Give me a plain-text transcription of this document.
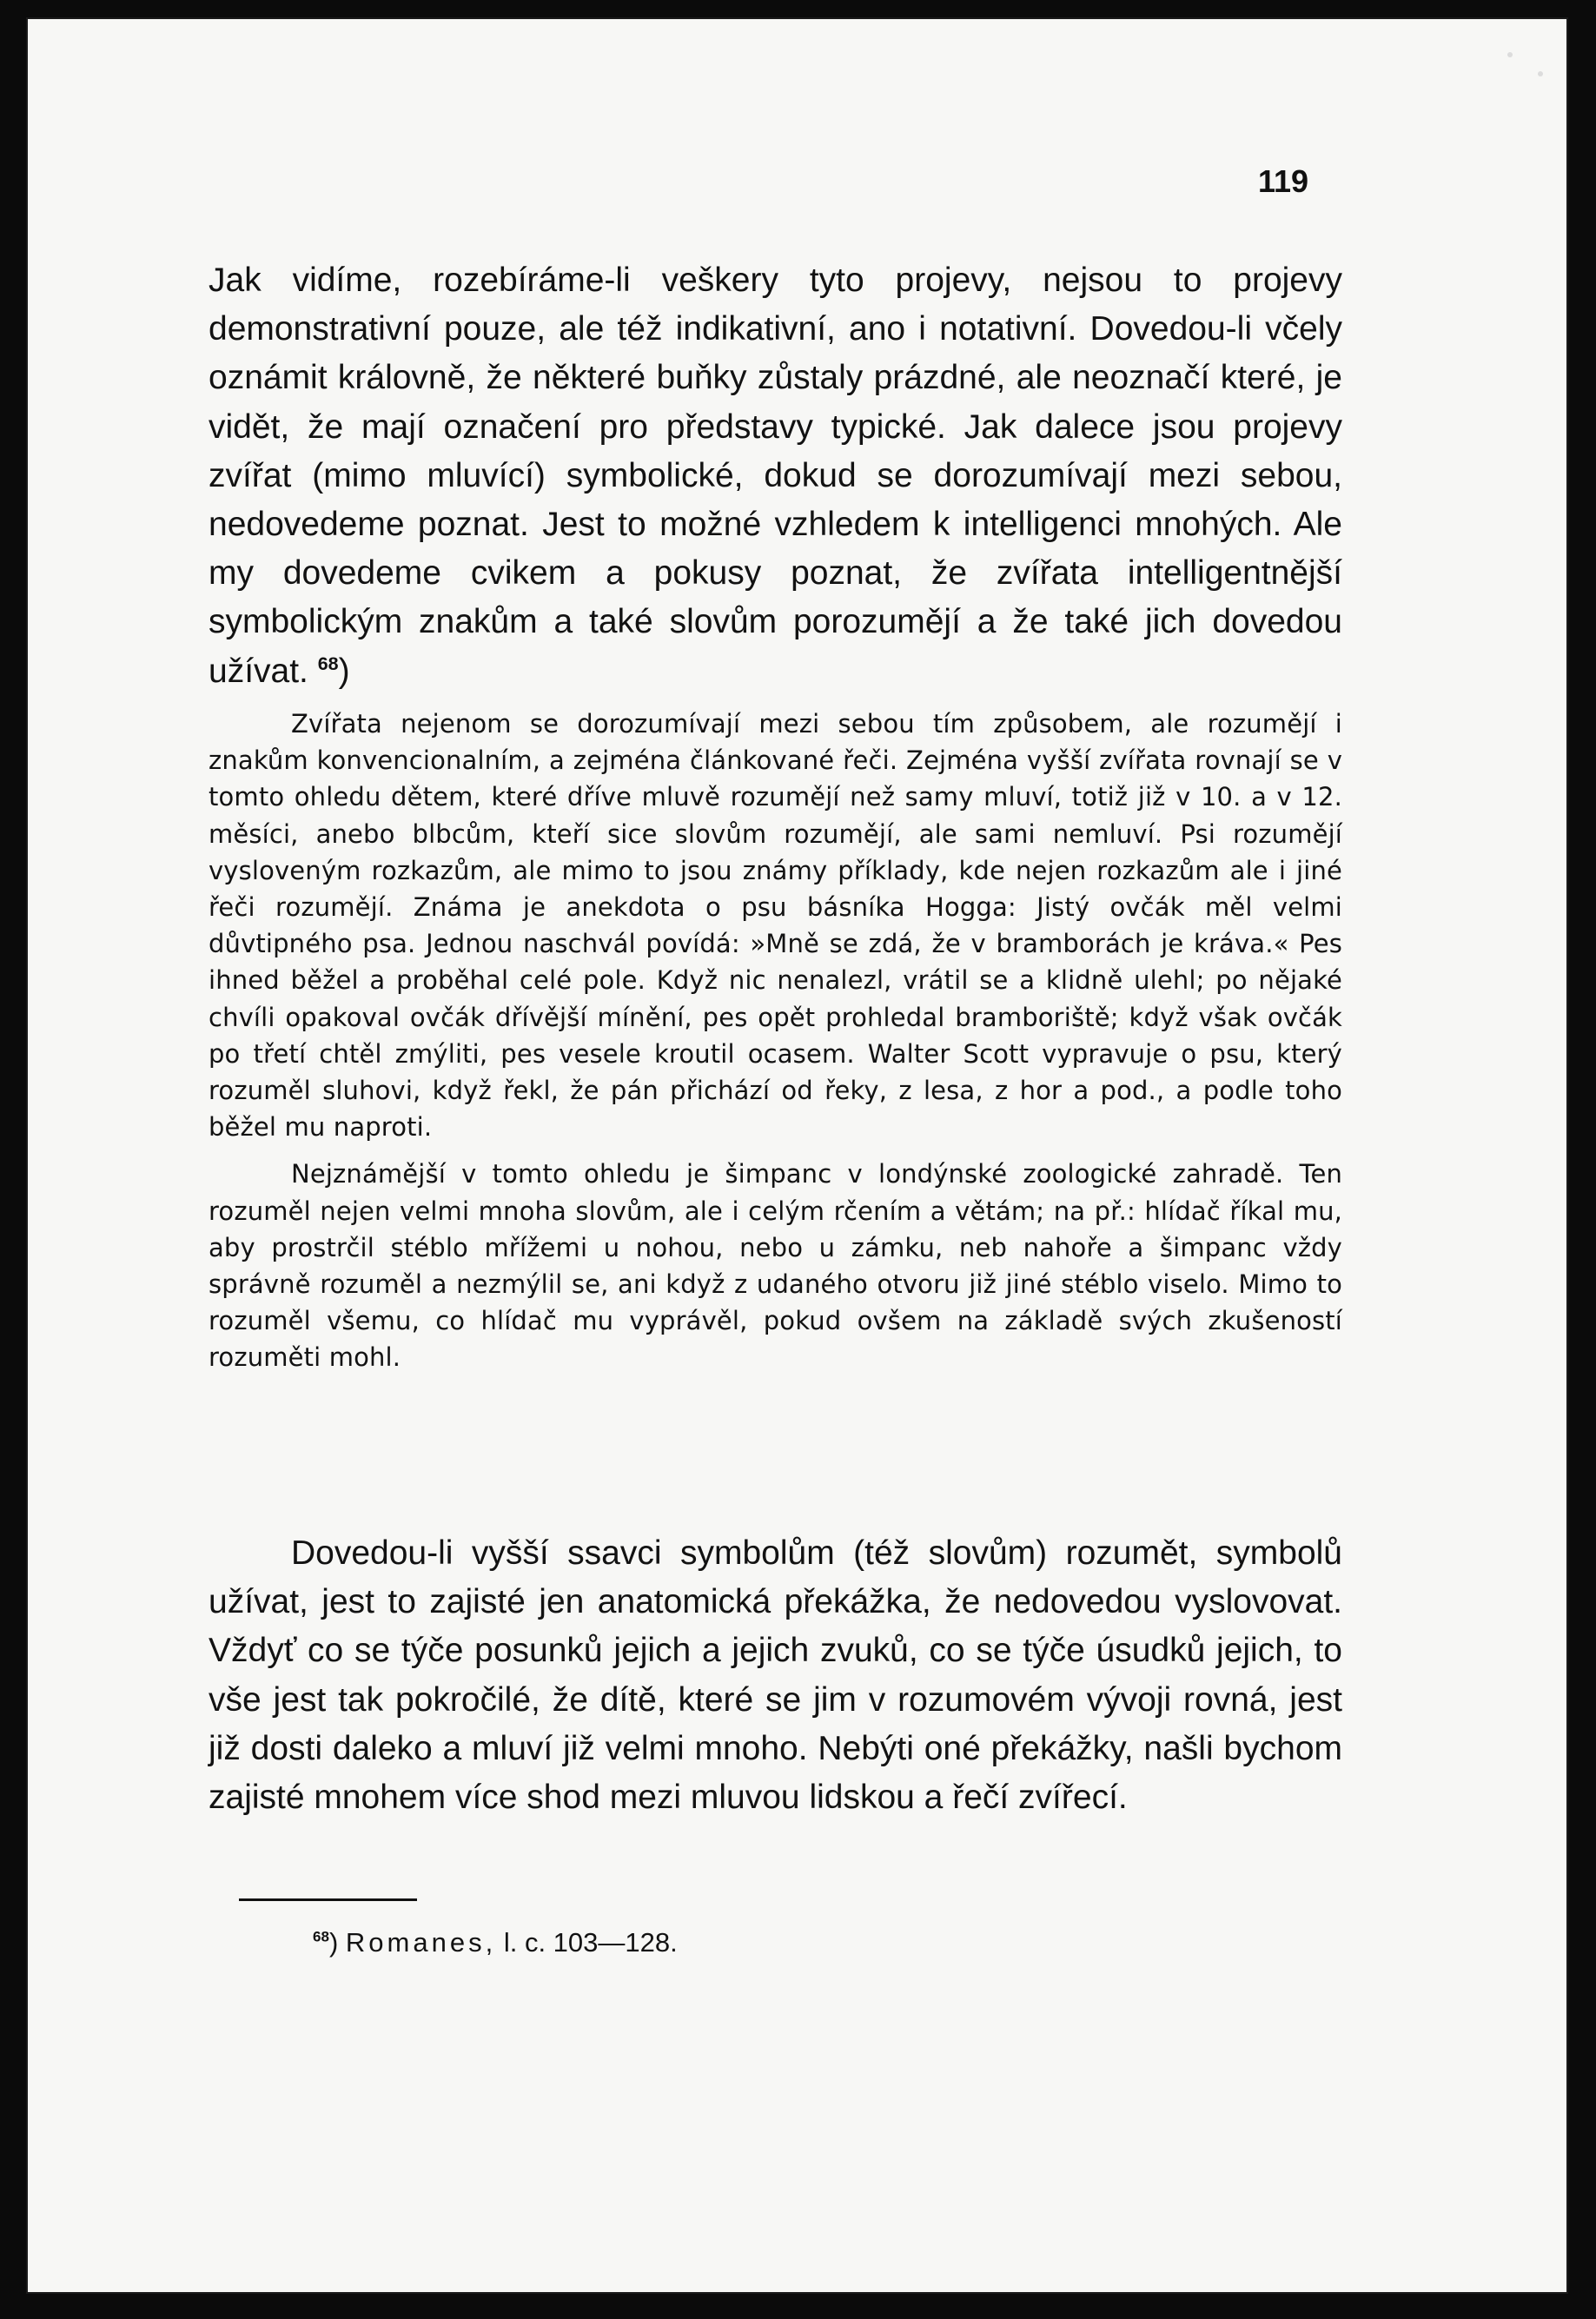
119

Jak vidíme, rozebíráme-li veškery tyto projevy, nejsou to projevy demonstrativní pouze, ale též indikativní, ano i notativní. Dovedou-li včely oznámit královně, že některé buňky zůstaly prázdné, ale neoznačí které, je vidět, že mají označení pro představy typické. Jak dalece jsou projevy zvířat (mimo mluvící) symbolické, dokud se dorozumívají mezi sebou, nedovedeme poznat. Jest to možné vzhledem k intelligenci mnohých. Ale my dovedeme cvikem a pokusy poznat, že zvířata intelligentnější symbolickým znakům a také slovům porozumějí a že také jich dovedou užívat. $^{68}$)

Zvířata nejenom se dorozumívají mezi sebou tím způsobem, ale rozumějí i znakům konvencionalním, a zejména článkované řeči. Zejména vyšší zvířata rovnají se v tomto ohledu dětem, které dříve mluvě rozumějí než samy mluví, totiž již v 10. a v 12. měsíci, anebo blbcům, kteří sice slovům rozumějí, ale sami nemluví. Psi rozumějí vysloveným rozkazům, ale mimo to jsou známy příklady, kde nejen rozkazům ale i jiné řeči rozumějí. Známa je anekdota o psu básníka Hogga: Jistý ovčák měl velmi důvtipného psa. Jednou naschvál povídá: »Mně se zdá, že v bramborách je kráva.« Pes ihned běžel a proběhal celé pole. Když nic nenalezl, vrátil se a klidně ulehl; po nějaké chvíli opakoval ovčák dřívější mínění, pes opět prohledal bramboriště; když však ovčák po třetí chtěl zmýliti, pes vesele kroutil ocasem. Walter Scott vypravuje o psu, který rozuměl sluhovi, když řekl, že pán přichází od řeky, z lesa, z hor a pod., a podle toho běžel mu naproti.

Nejznámější v tomto ohledu je šimpanc v londýnské zoologické zahradě. Ten rozuměl nejen velmi mnoha slovům, ale i celým rčením a větám; na př.: hlídač říkal mu, aby prostrčil stéblo mřížemi u nohou, nebo u zámku, neb nahoře a šimpanc vždy správně rozuměl a nezmýlil se, ani když z udaného otvoru již jiné stéblo viselo. Mimo to rozuměl všemu, co hlídač mu vyprávěl, pokud ovšem na základě svých zkušeností rozuměti mohl.

Dovedou-li vyšší ssavci symbolům (též slovům) rozumět, symbolů užívat, jest to zajisté jen anatomická překážka, že nedovedou vyslovovat. Vždyť co se týče posunků jejich a jejich zvuků, co se týče úsudků jejich, to vše jest tak pokročilé, že dítě, které se jim v rozumovém vývoji rovná, jest již dosti daleko a mluví již velmi mnoho. Nebýti oné překážky, našli bychom zajisté mnohem více shod mezi mluvou lidskou a řečí zvířecí.

$^{68}$) Romanes, l. c. 103—128.
